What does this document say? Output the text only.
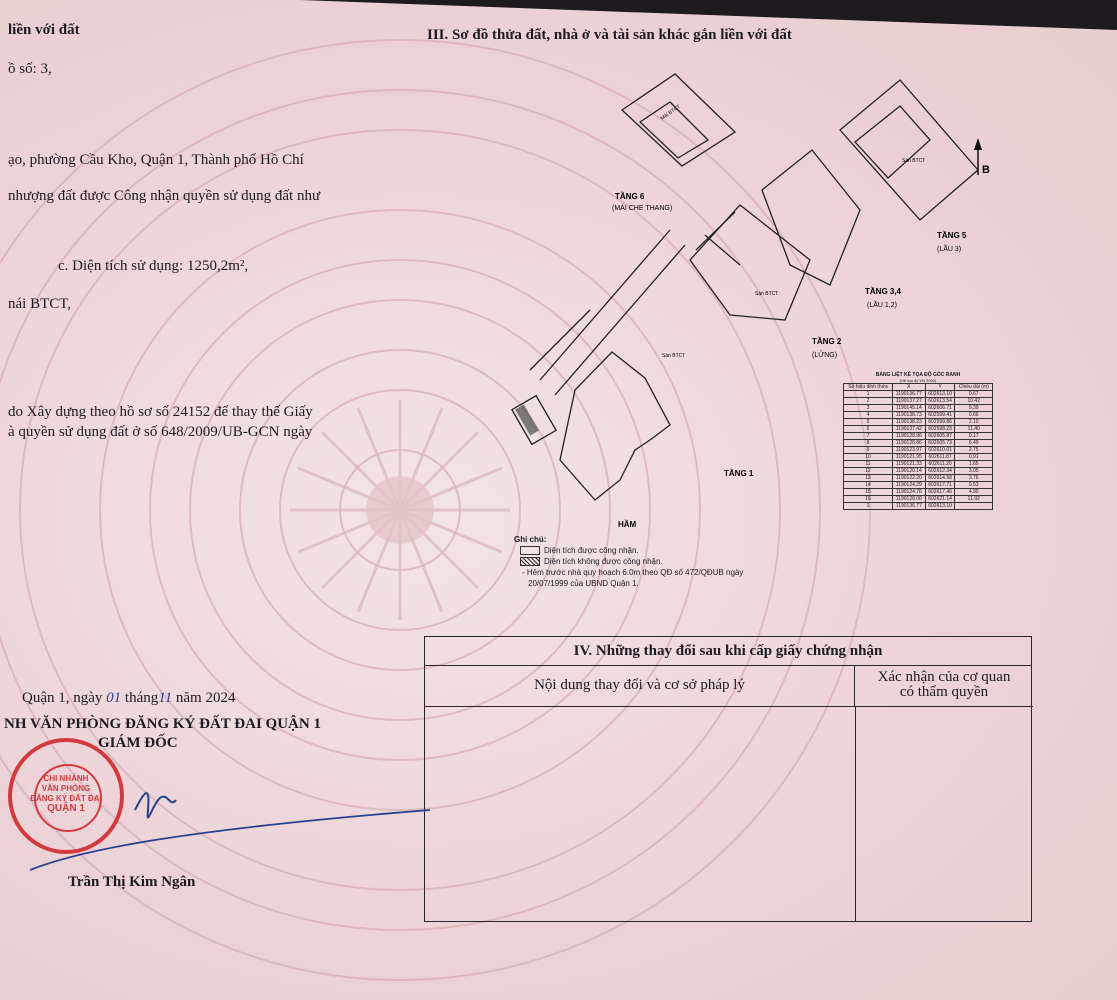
liền với đất
ồ số: 3,
ạo, phường Cầu Kho, Quận 1, Thành phố Hồ Chí
nhượng đất được Công nhận quyền sử dụng đất như
c. Diện tích sử dụng: 1250,2m²,
nái BTCT,
do Xây dựng theo hồ sơ số 24152 để thay thế Giấy
à quyền sử dụng đất ở số 648/2009/UB-GCN ngày
III. Sơ đồ thửa đất, nhà ở và tài sản khác gắn liền với đất
B
TẦNG 6
(MÁI CHE THANG)
TẦNG 5
(LẦU 3)
TẦNG 3,4
(LẦU 1,2)
TẦNG 2
(LỬNG)
TẦNG 1
HẦM
Sàn BTCT
Sàn BTCT
Sàn BTCT
Mái BTCT
BẢNG LIỆT KÊ TỌA ĐỘ GÓC RANH
(Hệ tọa độ VN 2000)
Số hiệu đỉnh thửa	X	Y	Chiều dài (m)
1	1190136.77	602613.10	0.67
2	1190137.27	602613.54	10.42
3	1190145.14	602606.71	9.39
4	1190138.73	602599.41	0.66
5	1190138.23	602599.86	2.10
6	1190137.42	602598.23	11.40
7	1190128.96	602605.87	0.17
8	1190128.86	602605.73	6.49
9	1190123.97	602610.01	2.75
10	1190121.95	602611.87	0.91
11	1190121.33	602611.20	1.65
12	1190120.14	602612.34	3.05
13	1190122.20	602614.58	3.76
14	1190124.29	602617.71	0.53
15	1190124.76	602617.46	4.90
16	1190128.00	602621.14	11.92
1	1190136.77	602613.10	
Ghi chú:
Diện tích được công nhận.
Diện tích không được công nhận.
- Hẻm trước nhà quy hoạch 6.0m theo QĐ số 472/QĐUB ngày
20/07/1999 của UBND Quận 1.
IV. Những thay đổi sau khi cấp giấy chứng nhận
Nội dung thay đổi và cơ sở pháp lý	Xác nhận của cơ quan
có thẩm quyền
Quận 1, ngày 01 tháng11 năm 2024
NH VĂN PHÒNG ĐĂNG KÝ ĐẤT ĐAI QUẬN 1
GIÁM ĐỐC
CHI NHÁNH
VĂN PHÒNG
ĐĂNG KÝ ĐẤT ĐAI
QUẬN 1
Trần Thị Kim Ngân
